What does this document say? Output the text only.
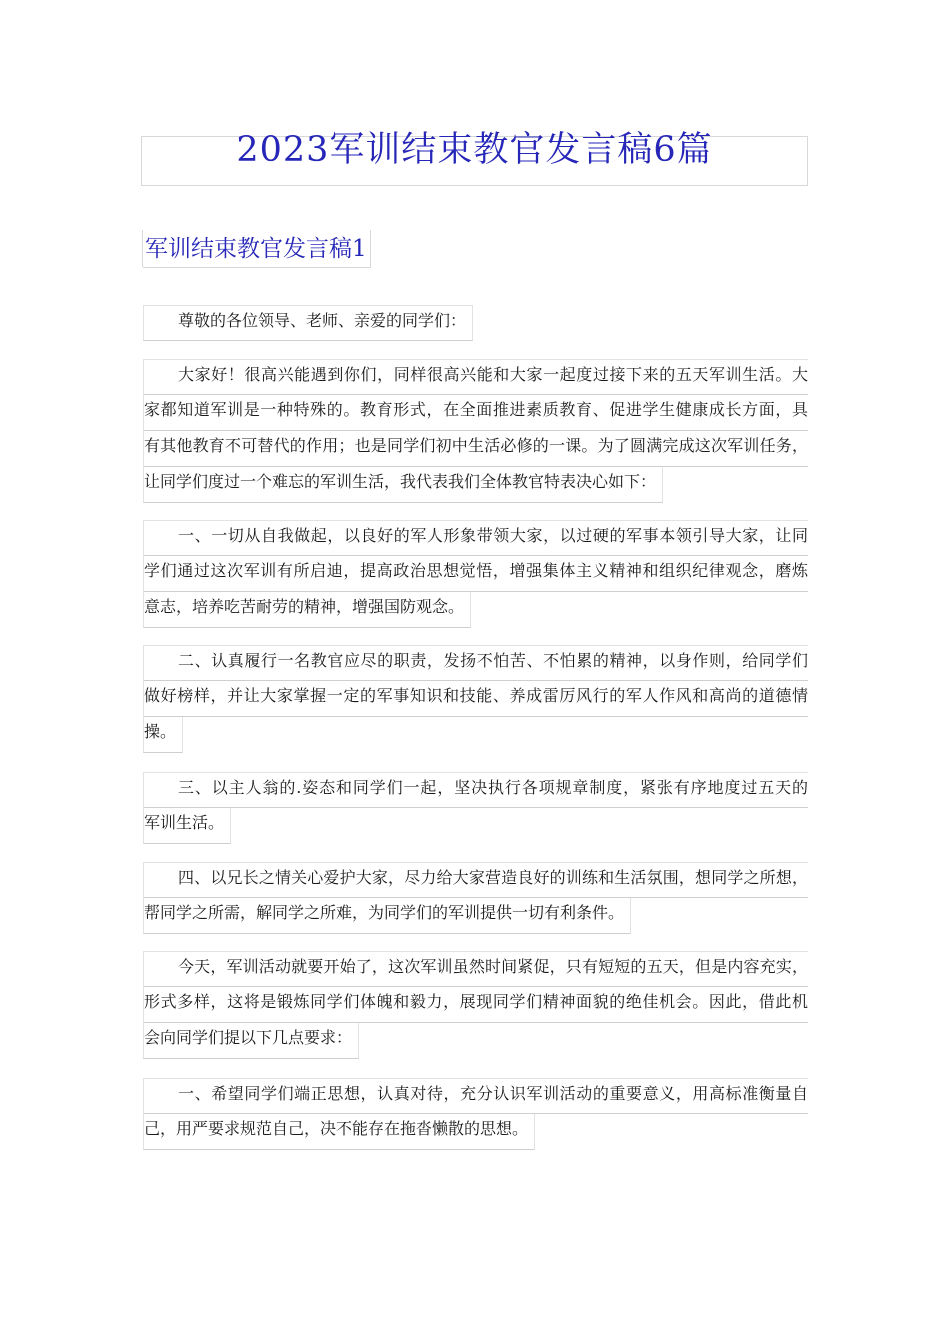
2023军训结束教官发言稿6篇
军训结束教官发言稿1
尊敬的各位领导、老师、亲爱的同学们：
大家好！很高兴能遇到你们，同样很高兴能和大家一起度过接下来的五天军训生活。大
家都知道军训是一种特殊的。教育形式，在全面推进素质教育、促进学生健康成长方面，具
有其他教育不可替代的作用；也是同学们初中生活必修的一课。为了圆满完成这次军训任务，
让同学们度过一个难忘的军训生活，我代表我们全体教官特表决心如下：
一、一切从自我做起，以良好的军人形象带领大家，以过硬的军事本领引导大家，让同
学们通过这次军训有所启迪，提高政治思想觉悟，增强集体主义精神和组织纪律观念，磨炼
意志，培养吃苦耐劳的精神，增强国防观念。
二、认真履行一名教官应尽的职责，发扬不怕苦、不怕累的精神，以身作则，给同学们
做好榜样，并让大家掌握一定的军事知识和技能、养成雷厉风行的军人作风和高尚的道德情
操。
三、以主人翁的.姿态和同学们一起，坚决执行各项规章制度，紧张有序地度过五天的
军训生活。
四、以兄长之情关心爱护大家，尽力给大家营造良好的训练和生活氛围，想同学之所想，
帮同学之所需，解同学之所难，为同学们的军训提供一切有利条件。
今天，军训活动就要开始了，这次军训虽然时间紧促，只有短短的五天，但是内容充实，
形式多样，这将是锻炼同学们体魄和毅力，展现同学们精神面貌的绝佳机会。因此，借此机
会向同学们提以下几点要求：
一、希望同学们端正思想，认真对待，充分认识军训活动的重要意义，用高标准衡量自
己，用严要求规范自己，决不能存在拖沓懒散的思想。
